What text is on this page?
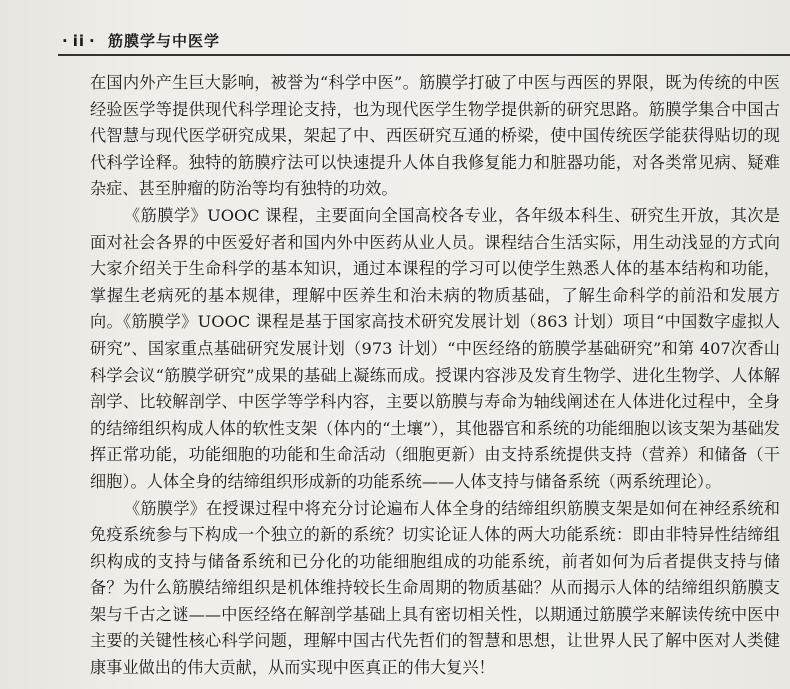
· ii · 筋膜学与中医学

在国内外产生巨大影响，被誉为“科学中医”。筋膜学打破了中医与西医的界限，既为传统的中医经验医学等提供现代科学理论支持，也为现代医学生物学提供新的研究思路。筋膜学集合中国古代智慧与现代医学研究成果，架起了中、西医研究互通的桥梁，使中国传统医学能获得贴切的现代科学诠释。独特的筋膜疗法可以快速提升人体自我修复能力和脏器功能，对各类常见病、疑难杂症、甚至肿瘤的防治等均有独特的功效。

《筋膜学》UOOC 课程，主要面向全国高校各专业，各年级本科生、研究生开放，其次是面对社会各界的中医爱好者和国内外中医药从业人员。课程结合生活实际，用生动浅显的方式向大家介绍关于生命科学的基本知识，通过本课程的学习可以使学生熟悉人体的基本结构和功能，掌握生老病死的基本规律，理解中医养生和治未病的物质基础，了解生命科学的前沿和发展方向。《筋膜学》UOOC 课程是基于国家高技术研究发展计划（863 计划）项目“中国数字虚拟人研究”、国家重点基础研究发展计划（973 计划）“中医经络的筋膜学基础研究”和第 407次香山科学会议“筋膜学研究”成果的基础上凝练而成。授课内容涉及发育生物学、进化生物学、人体解剖学、比较解剖学、中医学等学科内容，主要以筋膜与寿命为轴线阐述在人体进化过程中，全身的结缔组织构成人体的软性支架（体内的“土壤”），其他器官和系统的功能细胞以该支架为基础发挥正常功能，功能细胞的功能和生命活动（细胞更新）由支持系统提供支持（营养）和储备（干细胞）。人体全身的结缔组织形成新的功能系统——人体支持与储备系统（两系统理论）。

《筋膜学》在授课过程中将充分讨论遍布人体全身的结缔组织筋膜支架是如何在神经系统和免疫系统参与下构成一个独立的新的系统？切实论证人体的两大功能系统：即由非特异性结缔组织构成的支持与储备系统和已分化的功能细胞组成的功能系统，前者如何为后者提供支持与储备？为什么筋膜结缔组织是机体维持较长生命周期的物质基础？从而揭示人体的结缔组织筋膜支架与千古之谜——中医经络在解剖学基础上具有密切相关性，以期通过筋膜学来解读传统中医中主要的关键性核心科学问题，理解中国古代先哲们的智慧和思想，让世界人民了解中医对人类健康事业做出的伟大贡献，从而实现中医真正的伟大复兴！
